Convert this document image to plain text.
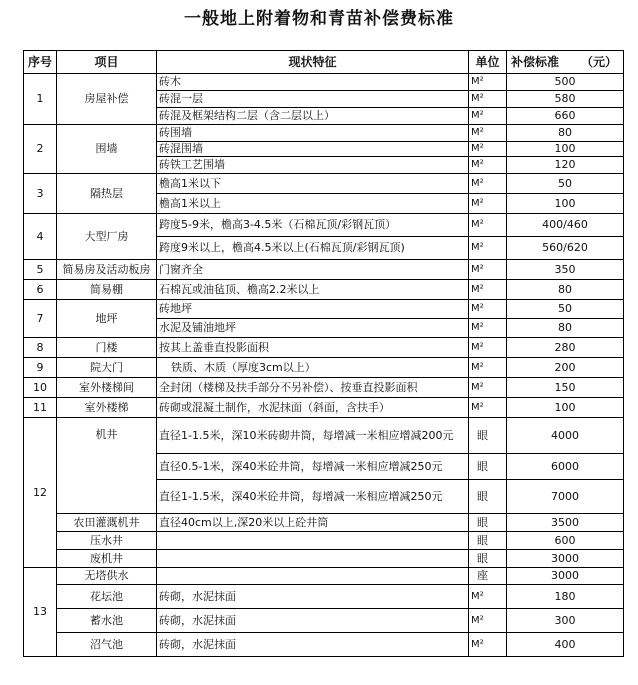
一般地上附着物和青苗补偿费标准
序号	项目	现状特征	单位	补偿标准 （元）

1	房屋补偿	砖木	M²	500
		砖混一层	M²	580
		砖混及框架结构二层（含二层以上）	M²	660
2	围墙	砖围墙	M²	80
		砖混围墙	M²	100
		砖铁工艺围墙	M²	120
3	隔热层	檐高1米以下	M²	50
		檐高1米以上	M²	100
4	大型厂房	跨度5-9米，檐高3-4.5米（石棉瓦顶/彩钢瓦顶）	M²	400/460
		跨度9米以上，檐高4.5米以上(石棉瓦顶/彩钢瓦顶)	M²	560/620
5	简易房及活动板房	门窗齐全	M²	350
6	简易棚	石棉瓦或油毡顶、檐高2.2米以上	M²	80
7	地坪	砖地坪	M²	50
		水泥及铺油地坪	M²	80
8	门楼	按其上盖垂直投影面积	M²	280
9	院大门	铁质、木质（厚度3cm以上）	M²	200
10	室外楼梯间	全封闭（楼梯及扶手部分不另补偿）、按垂直投影面积	M²	150
11	室外楼梯	砖砌或混凝土制作，水泥抹面（斜面，含扶手）	M²	100
12	机井	直径1-1.5米，深10米砖砌井筒，每增减一米相应增减200元	眼	4000
		直径0.5-1米，深40米砼井筒，每增减一米相应增减250元	眼	6000
		直径1-1.5米，深40米砼井筒，每增减一米相应增减250元	眼	7000
	农田灌溉机井	直径40cm以上,深20米以上砼井筒	眼	3500
	压水井		眼	600
	废机井		眼	3000
13	无塔供水		座	3000
	花坛池	砖砌，水泥抹面	M²	180
	蓄水池	砖砌，水泥抹面	M²	300
	沼气池	砖砌，水泥抹面	M²	400
